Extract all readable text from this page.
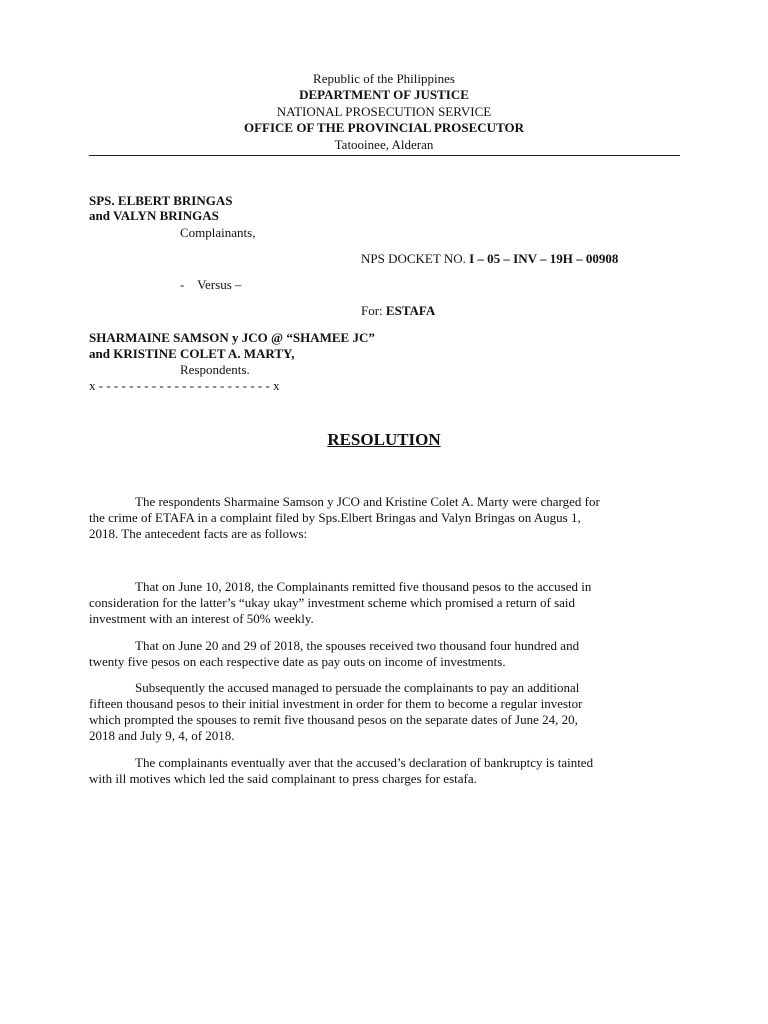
Republic of the Philippines

DEPARTMENT OF JUSTICE

NATIONAL PROSECUTION SERVICE

OFFICE OF THE PROVINCIAL PROSECUTOR

Tatooinee, Alderan

SPS. ELBERT BRINGAS

and VALYN BRINGAS

Complainants,

NPS DOCKET NO. I – 05 – INV – 19H – 00908

-    Versus –

For: ESTAFA

SHARMAINE SAMSON y JCO @ “SHAMEE JC”

and KRISTINE COLET A. MARTY,

Respondents.

x - - - - - - - - - - - - - - - - - - - - - - - x

RESOLUTION

The respondents Sharmaine Samson y JCO and Kristine Colet A. Marty were charged for
the crime of ETAFA in a complaint filed by Sps.Elbert Bringas and Valyn Bringas on Augus 1,
2018. The antecedent facts are as follows:
That on June 10, 2018, the Complainants remitted five thousand pesos to the accused in
consideration for the latter’s “ukay ukay” investment scheme which promised a return of said
investment with an interest of 50% weekly.
That on June 20 and 29 of 2018, the spouses received two thousand four hundred and
twenty five pesos on each respective date as pay outs on income of investments.
Subsequently the accused managed to persuade the complainants to pay an additional
fifteen thousand pesos to their initial investment in order for them to become a regular investor
which prompted the spouses to remit five thousand pesos on the separate dates of June 24, 20,
2018 and July 9, 4, of 2018.
The complainants eventually aver that the accused’s declaration of bankruptcy is tainted
with ill motives which led the said complainant to press charges for estafa.
